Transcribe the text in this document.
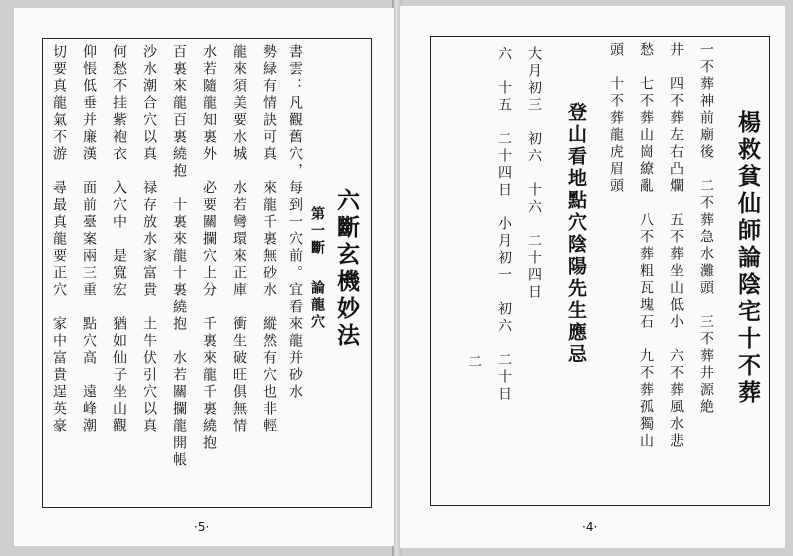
六斷玄機妙法
第一斷
論龍穴
書雲：凡觀舊穴，每到一穴前。宜看來龍并砂水
勢緑有情訣可真　來龍千裏無砂水　縱然有穴也非輕
龍來須美要水城　水若彎環來正庫　衝生破旺俱無情
水若隨龍知裏外　必要關攔穴上分　千裏來龍千裏繞抱
百裏來龍百裏繞抱　十裏來龍十裏繞抱　水若關攔龍開帳
沙水潮合穴以真　禄存放水家富貴　土牛伏引穴以真
何愁不挂紫袍衣　入穴中　是寬宏　猶如仙子坐山觀
仰悵低垂并廉漢　面前臺案兩三重　點穴高　遠峰潮
切要真龍氣不游　尋最真龍要正穴　家中富貴逞英豪
·5·
楊救貧仙師論陰宅十不葬
一不葬神前廟後　二不葬急水灘頭　三不葬井源絶
井　四不葬左右凸爛　五不葬坐山低小　六不葬風水悲
愁　七不葬山崗繚亂　八不葬粗瓦塊石　九不葬孤獨山
頭　十不葬龍虎眉頭
登山看地點穴陰陽先生應忌
大月初三　初六　十六　二十四日
六　十五　二十四日　小月初一　初六　二十日
二
·4·
